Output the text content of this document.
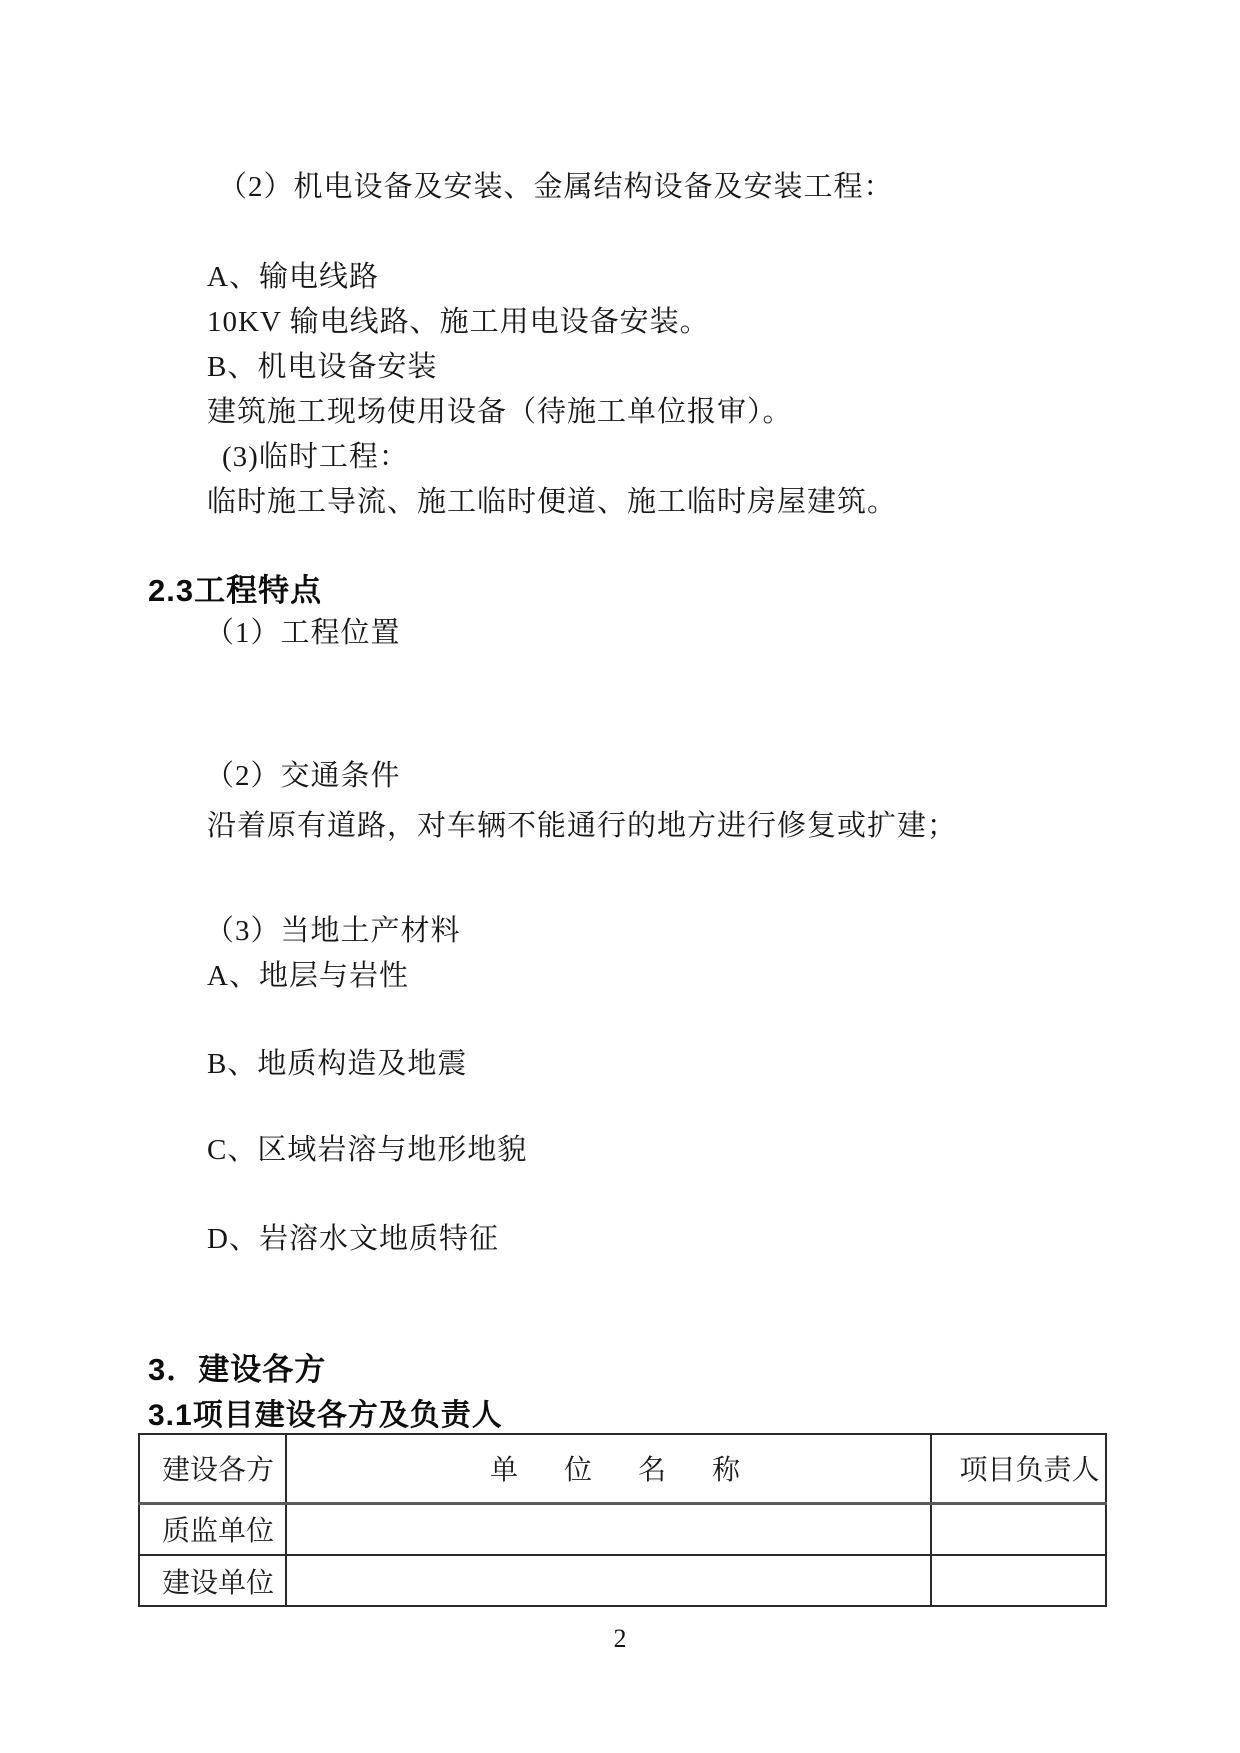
（2）机电设备及安装、金属结构设备及安装工程：
A、输电线路
10KV 输电线路、施工用电设备安装。
B、机电设备安装
建筑施工现场使用设备（待施工单位报审）。
(3)临时工程：
临时施工导流、施工临时便道、施工临时房屋建筑。
2.3工程特点
（1）工程位置
（2）交通条件
沿着原有道路，对车辆不能通行的地方进行修复或扩建；
（3）当地土产材料
A、地层与岩性
B、地质构造及地震
C、区域岩溶与地形地貌
D、岩溶水文地质特征
3．建设各方
3.1项目建设各方及负责人
建设各方	单　位　名　称	项目负责人
质监单位		
建设单位		
2
